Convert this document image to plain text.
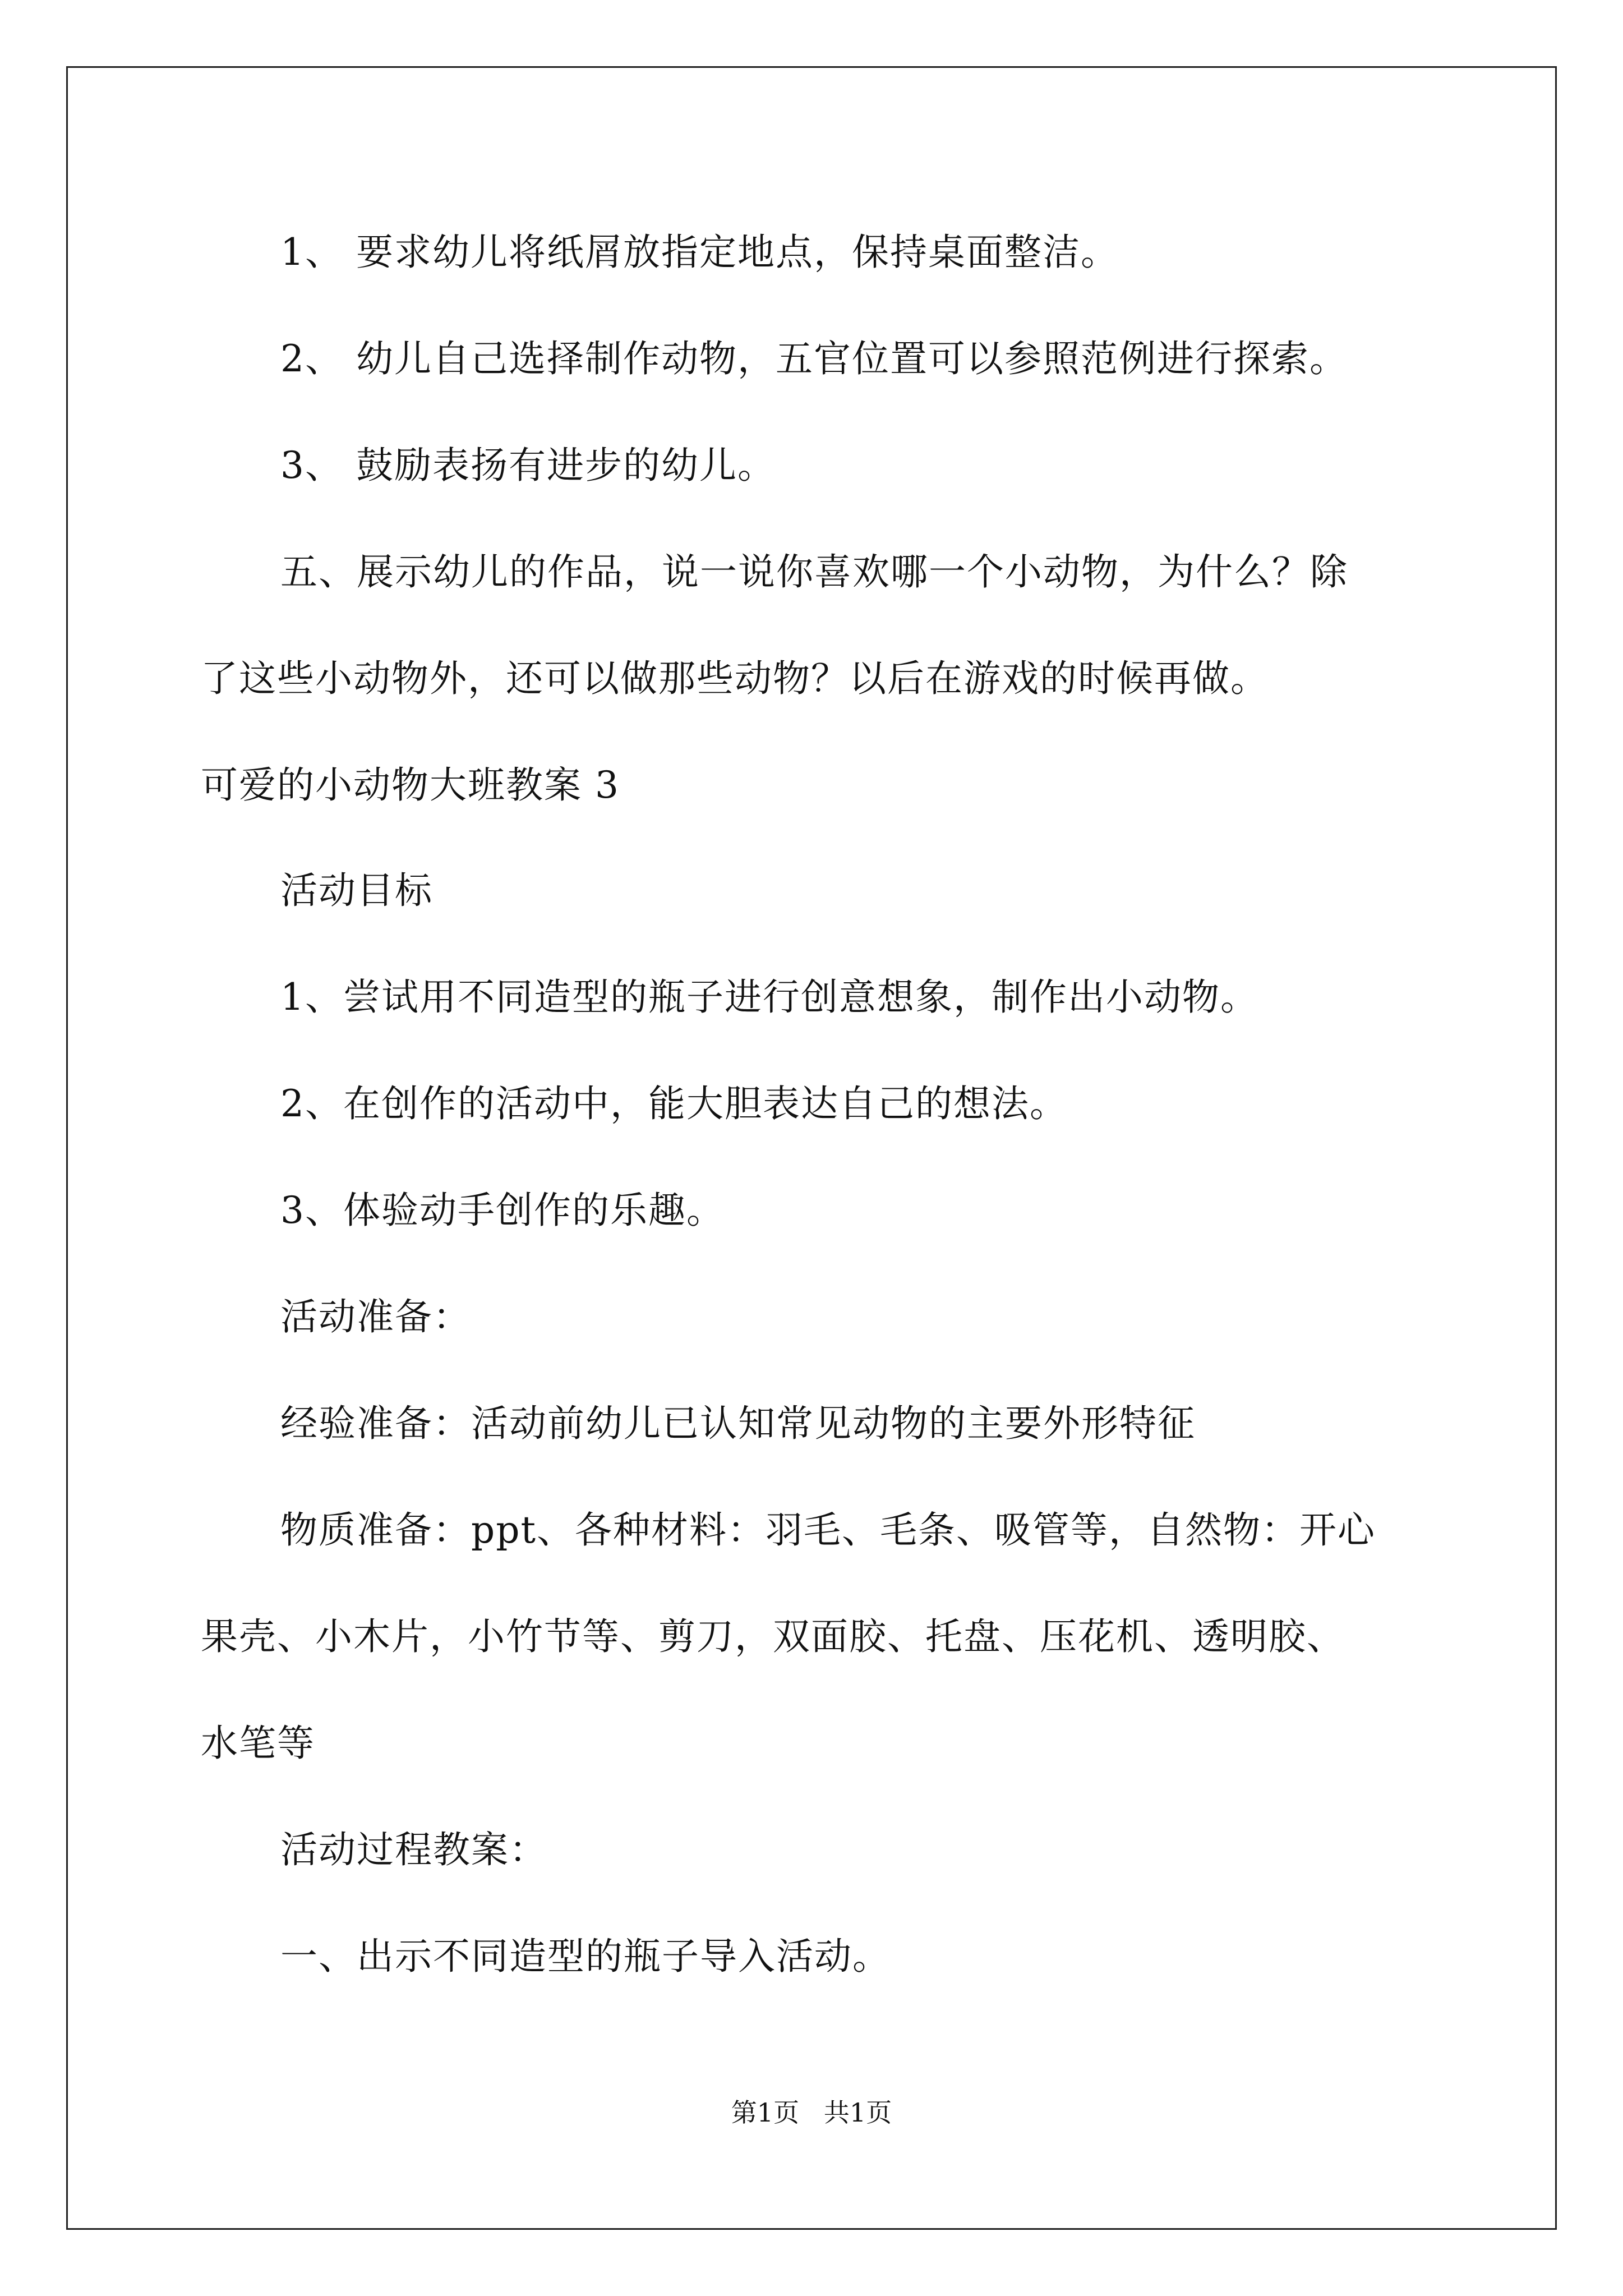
1、 要求幼儿将纸屑放指定地点，保持桌面整洁。
2、 幼儿自己选择制作动物，五官位置可以参照范例进行探索。
3、 鼓励表扬有进步的幼儿。
五、展示幼儿的作品，说一说你喜欢哪一个小动物，为什么？除
了这些小动物外，还可以做那些动物？以后在游戏的时候再做。
可爱的小动物大班教案 3
活动目标
1、尝试用不同造型的瓶子进行创意想象，制作出小动物。
2、在创作的活动中，能大胆表达自己的想法。
3、体验动手创作的乐趣。
活动准备：
经验准备：活动前幼儿已认知常见动物的主要外形特征
物质准备：ppt、各种材料：羽毛、毛条、吸管等，自然物：开心
果壳、小木片，小竹节等、剪刀，双面胶、托盘、压花机、透明胶、
水笔等
活动过程教案：
一、出示不同造型的瓶子导入活动。
第1页   共1页
